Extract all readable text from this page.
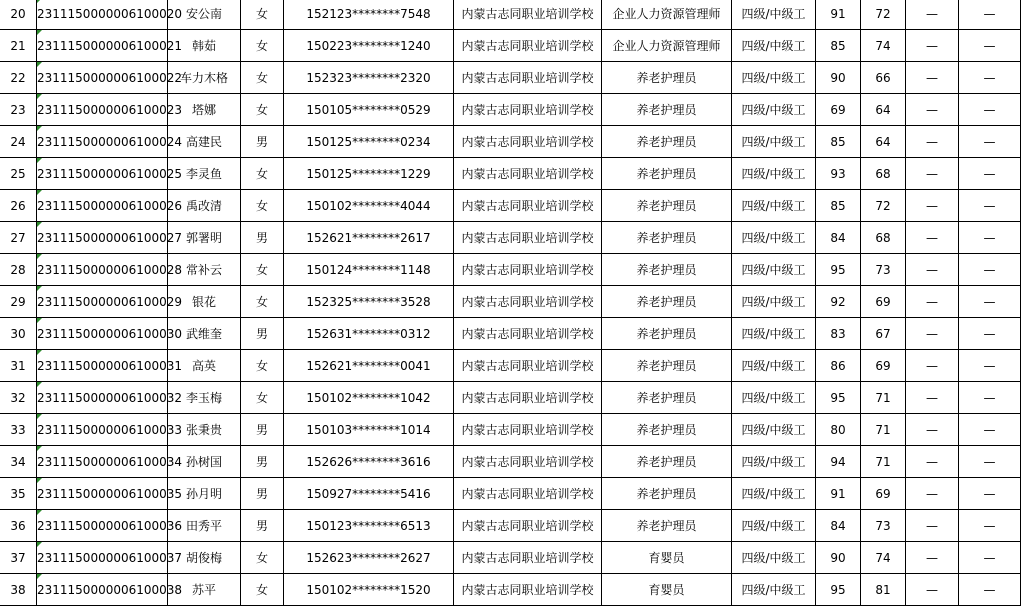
20	2311150000006100020	安公南	女	152123********7548	内蒙古志同职业培训学校	企业人力资源管理师	四级/中级工	91	72	—	—
21	2311150000006100021	韩茹	女	150223********1240	内蒙古志同职业培训学校	企业人力资源管理师	四级/中级工	85	74	—	—
22	2311150000006100022	车力木格	女	152323********2320	内蒙古志同职业培训学校	养老护理员	四级/中级工	90	66	—	—
23	2311150000006100023	塔娜	女	150105********0529	内蒙古志同职业培训学校	养老护理员	四级/中级工	69	64	—	—
24	2311150000006100024	高建民	男	150125********0234	内蒙古志同职业培训学校	养老护理员	四级/中级工	85	64	—	—
25	2311150000006100025	李灵鱼	女	150125********1229	内蒙古志同职业培训学校	养老护理员	四级/中级工	93	68	—	—
26	2311150000006100026	禹改清	女	150102********4044	内蒙古志同职业培训学校	养老护理员	四级/中级工	85	72	—	—
27	2311150000006100027	郭署明	男	152621********2617	内蒙古志同职业培训学校	养老护理员	四级/中级工	84	68	—	—
28	2311150000006100028	常补云	女	150124********1148	内蒙古志同职业培训学校	养老护理员	四级/中级工	95	73	—	—
29	2311150000006100029	银花	女	152325********3528	内蒙古志同职业培训学校	养老护理员	四级/中级工	92	69	—	—
30	2311150000006100030	武维奎	男	152631********0312	内蒙古志同职业培训学校	养老护理员	四级/中级工	83	67	—	—
31	2311150000006100031	高英	女	152621********0041	内蒙古志同职业培训学校	养老护理员	四级/中级工	86	69	—	—
32	2311150000006100032	李玉梅	女	150102********1042	内蒙古志同职业培训学校	养老护理员	四级/中级工	95	71	—	—
33	2311150000006100033	张秉贵	男	150103********1014	内蒙古志同职业培训学校	养老护理员	四级/中级工	80	71	—	—
34	2311150000006100034	孙树国	男	152626********3616	内蒙古志同职业培训学校	养老护理员	四级/中级工	94	71	—	—
35	2311150000006100035	孙月明	男	150927********5416	内蒙古志同职业培训学校	养老护理员	四级/中级工	91	69	—	—
36	2311150000006100036	田秀平	男	150123********6513	内蒙古志同职业培训学校	养老护理员	四级/中级工	84	73	—	—
37	2311150000006100037	胡俊梅	女	152623********2627	内蒙古志同职业培训学校	育婴员	四级/中级工	90	74	—	—
38	2311150000006100038	苏平	女	150102********1520	内蒙古志同职业培训学校	育婴员	四级/中级工	95	81	—	—
